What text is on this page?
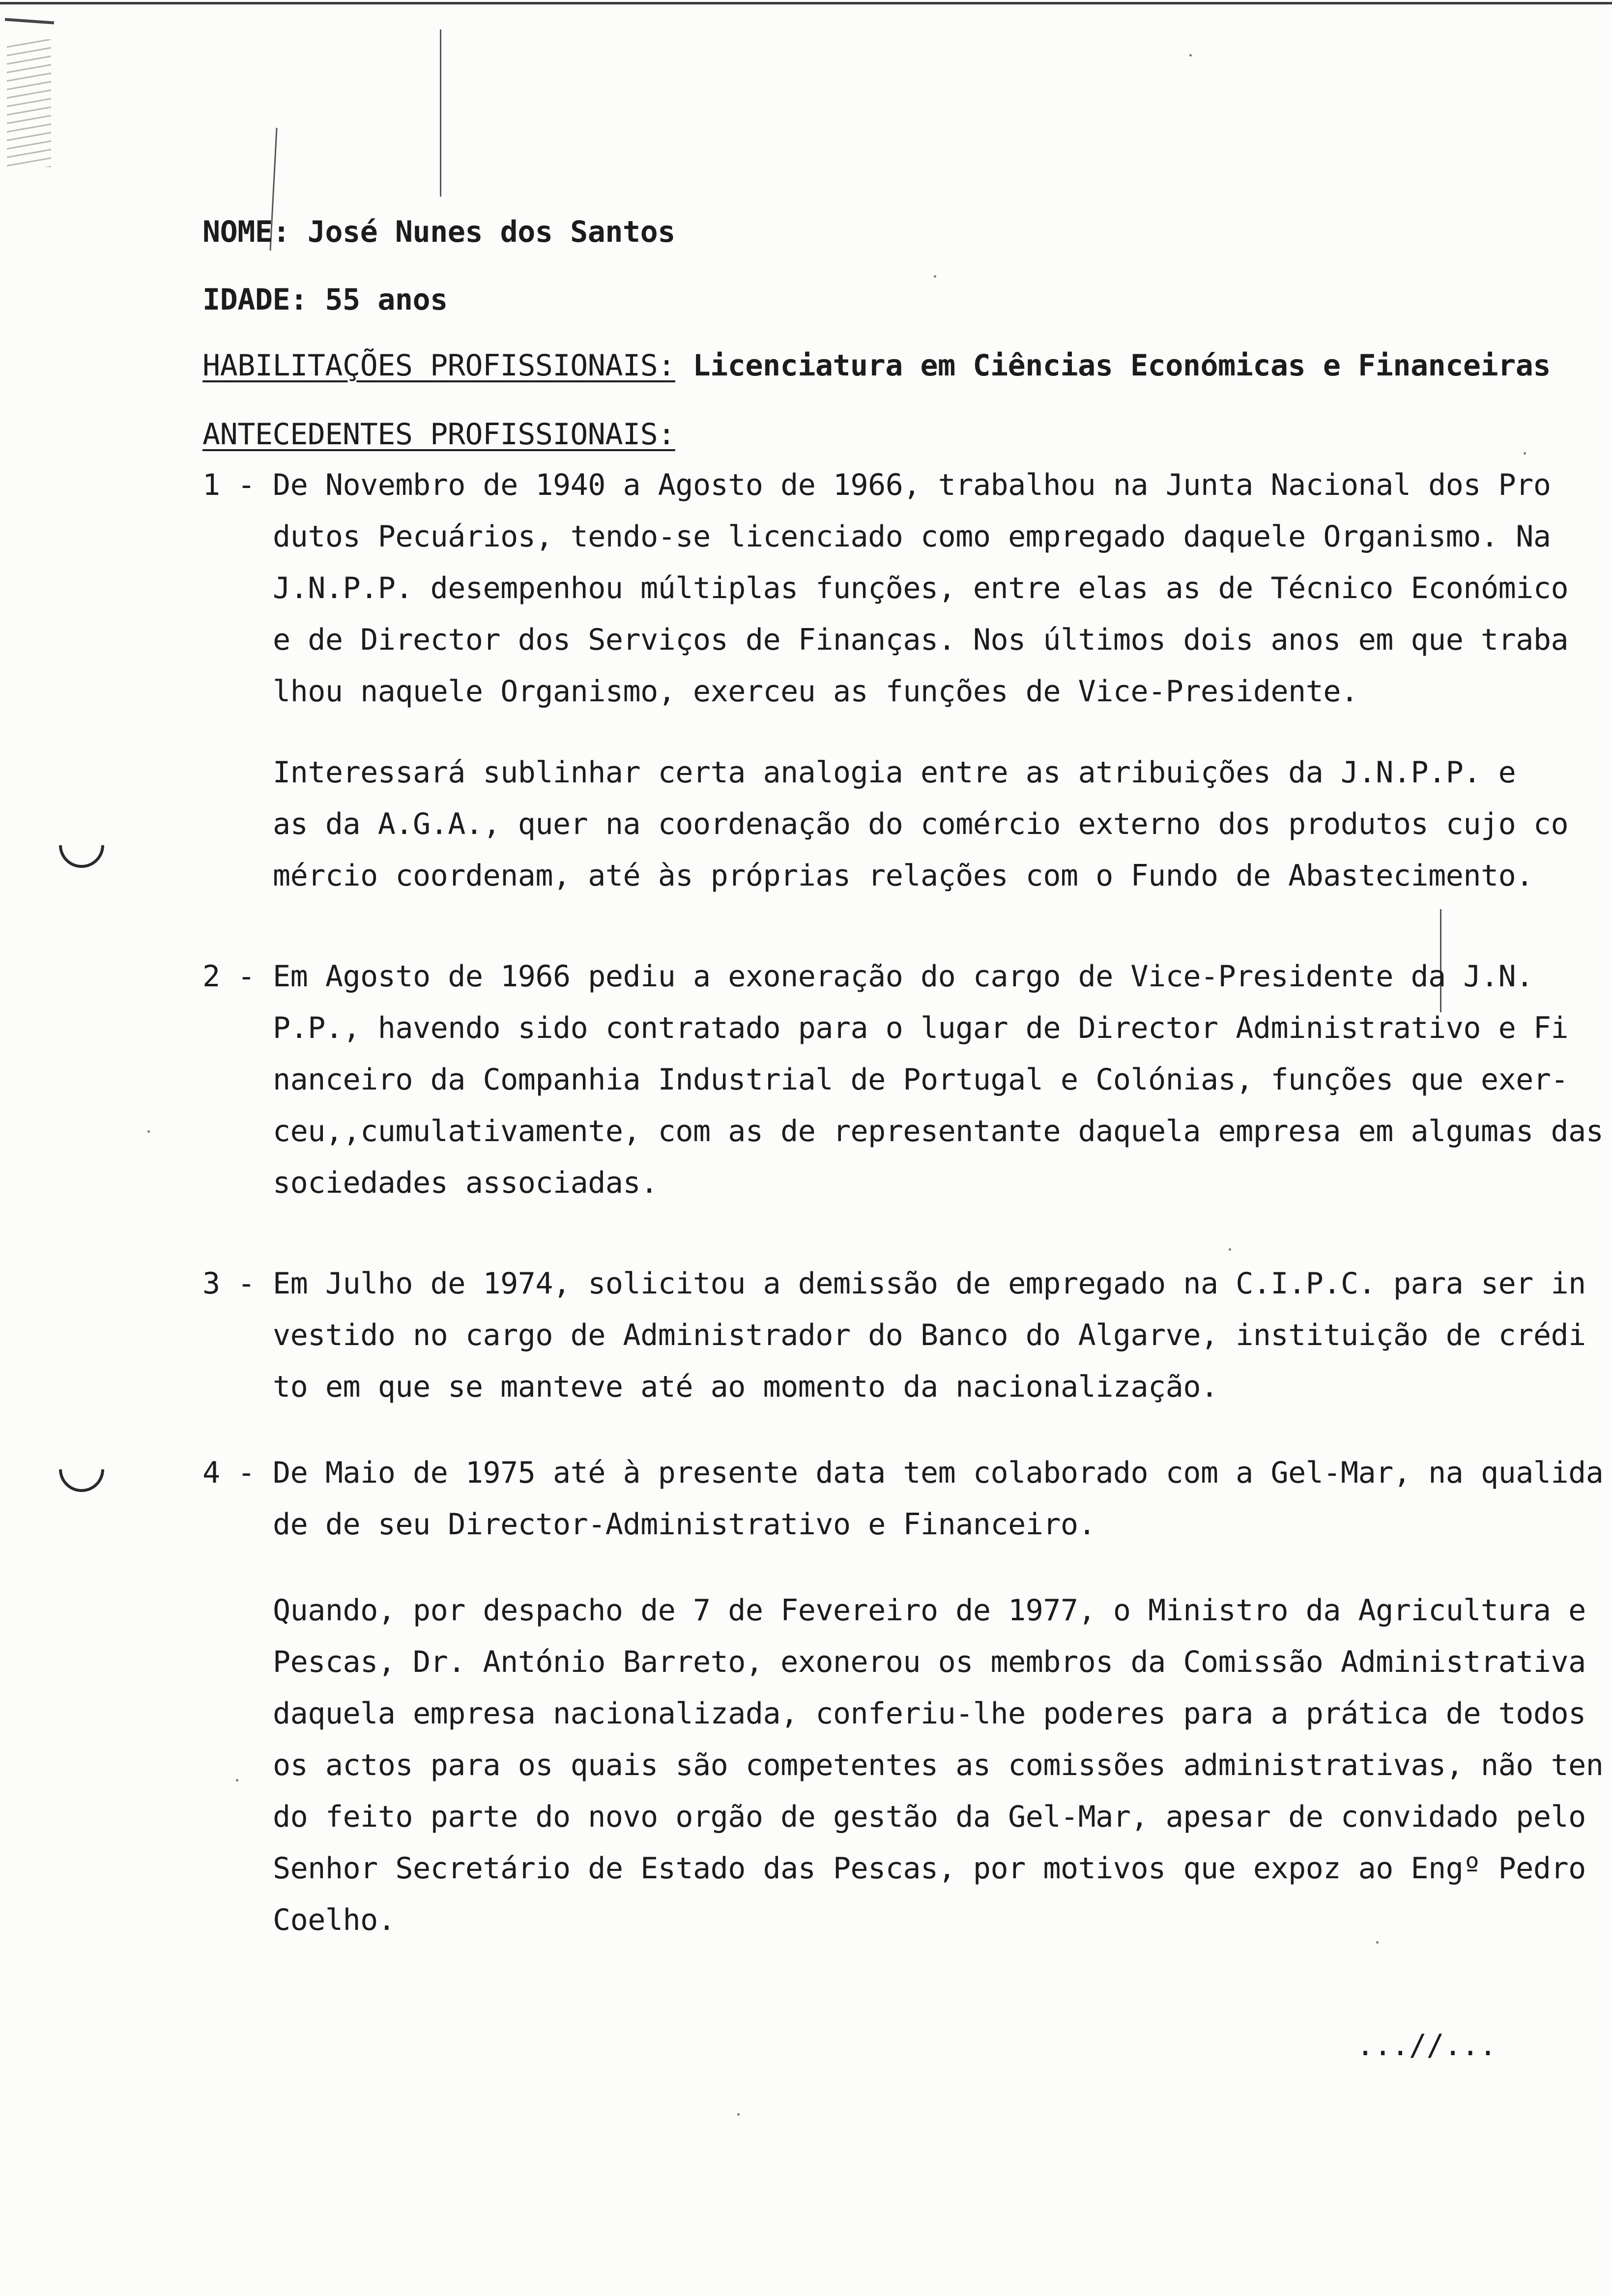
NOME: José Nunes dos Santos
IDADE: 55 anos
HABILITAÇÕES PROFISSIONAIS: Licenciatura em Ciências Económicas e Financeiras
ANTECEDENTES PROFISSIONAIS:
1 - De Novembro de 1940 a Agosto de 1966, trabalhou na Junta Nacional dos Pro
dutos Pecuários, tendo-se licenciado como empregado daquele Organismo. Na
J.N.P.P. desempenhou múltiplas funções, entre elas as de Técnico Económico
e de Director dos Serviços de Finanças. Nos últimos dois anos em que traba
lhou naquele Organismo, exerceu as funções de Vice-Presidente.
Interessará sublinhar certa analogia entre as atribuições da J.N.P.P. e
as da A.G.A., quer na coordenação do comércio externo dos produtos cujo co
mércio coordenam, até às próprias relações com o Fundo de Abastecimento.
2 - Em Agosto de 1966 pediu a exoneração do cargo de Vice-Presidente da J.N.
P.P., havendo sido contratado para o lugar de Director Administrativo e Fi
nanceiro da Companhia Industrial de Portugal e Colónias, funções que exer-
ceu,,cumulativamente, com as de representante daquela empresa em algumas das
sociedades associadas.
3 - Em Julho de 1974, solicitou a demissão de empregado na C.I.P.C. para ser in
vestido no cargo de Administrador do Banco do Algarve, instituição de crédi
to em que se manteve até ao momento da nacionalização.
4 - De Maio de 1975 até à presente data tem colaborado com a Gel-Mar, na qualida
de de seu Director-Administrativo e Financeiro.
Quando, por despacho de 7 de Fevereiro de 1977, o Ministro da Agricultura e
Pescas, Dr. António Barreto, exonerou os membros da Comissão Administrativa
daquela empresa nacionalizada, conferiu-lhe poderes para a prática de todos
os actos para os quais são competentes as comissões administrativas, não ten
do feito parte do novo orgão de gestão da Gel-Mar, apesar de convidado pelo
Senhor Secretário de Estado das Pescas, por motivos que expoz ao Engº Pedro
Coelho.
...//...
